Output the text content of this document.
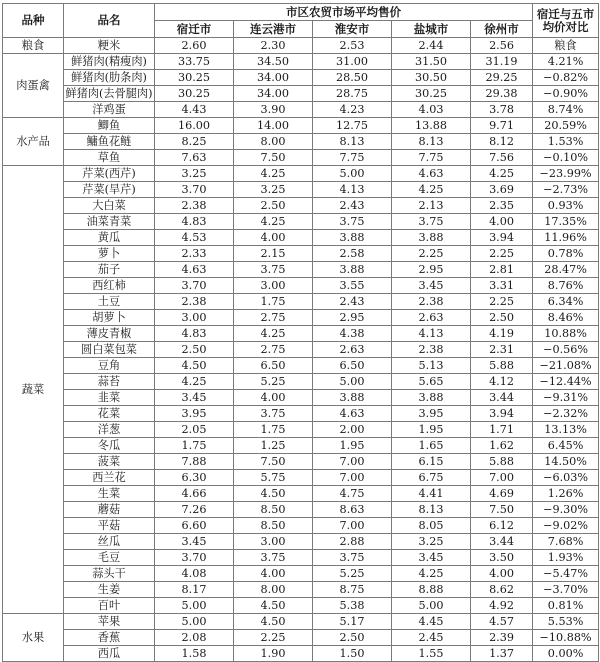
品种	品名	市区农贸市场平均售价					宿迁与五市
均价对比

		宿迁市	连云港市	淮安市	盐城市	徐州市	
粮食	粳米	2.60	2.30	2.53	2.44	2.56	粮食
肉蛋禽	鲜猪肉(精瘦肉)	33.75	34.50	31.00	31.50	31.19	4.21%
	鲜猪肉(肋条肉)	30.25	34.00	28.50	30.50	29.25	−0.82%
	鲜猪肉(去骨腿肉)	30.25	34.00	28.75	30.25	29.38	−0.90%
	洋鸡蛋	4.43	3.90	4.23	4.03	3.78	8.74%
水产品	鲫鱼	16.00	14.00	12.75	13.88	9.71	20.59%
	鳙鱼花鲢	8.25	8.00	8.13	8.13	8.12	1.53%
	草鱼	7.63	7.50	7.75	7.75	7.56	−0.10%
蔬菜	芹菜(西芹)	3.25	4.25	5.00	4.63	4.25	−23.99%
	芹菜(旱芹)	3.70	3.25	4.13	4.25	3.69	−2.73%
	大白菜	2.38	2.50	2.43	2.13	2.35	0.93%
	油菜青菜	4.83	4.25	3.75	3.75	4.00	17.35%
	黄瓜	4.53	4.00	3.88	3.88	3.94	11.96%
	萝卜	2.33	2.15	2.58	2.25	2.25	0.78%
	茄子	4.63	3.75	3.88	2.95	2.81	28.47%
	西红柿	3.70	3.00	3.55	3.45	3.31	8.76%
	土豆	2.38	1.75	2.43	2.38	2.25	6.34%
	胡萝卜	3.00	2.75	2.95	2.63	2.50	8.46%
	薄皮青椒	4.83	4.25	4.38	4.13	4.19	10.88%
	圆白菜包菜	2.50	2.75	2.63	2.38	2.31	−0.56%
	豆角	4.50	6.50	6.50	5.13	5.88	−21.08%
	蒜苔	4.25	5.25	5.00	5.65	4.12	−12.44%
	韭菜	3.45	4.00	3.88	3.88	3.44	−9.31%
	花菜	3.95	3.75	4.63	3.95	3.94	−2.32%
	洋葱	2.05	1.75	2.00	1.95	1.71	13.13%
	冬瓜	1.75	1.25	1.95	1.65	1.62	6.45%
	菠菜	7.88	7.50	7.00	6.15	5.88	14.50%
	西兰花	6.30	5.75	7.00	6.75	7.00	−6.03%
	生菜	4.66	4.50	4.75	4.41	4.69	1.26%
	蘑菇	7.26	8.50	8.63	8.13	7.50	−9.30%
	平菇	6.60	8.50	7.00	8.05	6.12	−9.02%
	丝瓜	3.45	3.00	2.88	3.25	3.44	7.68%
	毛豆	3.70	3.75	3.75	3.45	3.50	1.93%
	蒜头干	4.08	4.00	5.25	4.25	4.00	−5.47%
	生姜	8.17	8.00	8.75	8.88	8.62	−3.70%
	百叶	5.00	4.50	5.38	5.00	4.92	0.81%
水果	苹果	5.00	4.50	5.17	4.45	4.57	5.53%
	香蕉	2.08	2.25	2.50	2.45	2.39	−10.88%
	西瓜	1.58	1.90	1.50	1.55	1.37	0.00%
